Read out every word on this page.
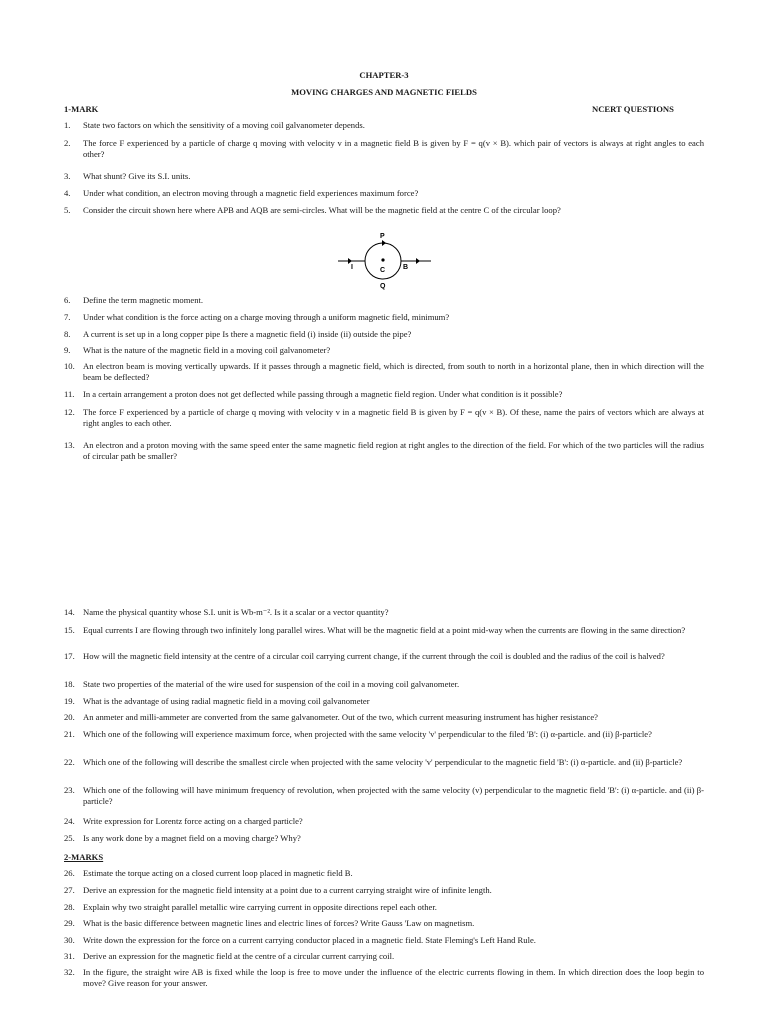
CHAPTER-3
MOVING CHARGES AND MAGNETIC FIELDS
1-MARK	NCERT QUESTIONS
1.	State two factors on which the sensitivity of a moving coil galvanometer depends.
2.	The force F experienced by a particle of charge q moving with velocity v in a magnetic field B is given by F = q(v × B). which pair of vectors is always at right angles to each other?
3.	What shunt? Give its S.I. units.
4.	Under what condition, an electron moving through a magnetic field experiences maximum force?
5.	Consider the circuit shown here where APB and AQB are semi-circles. What will be the magnetic field at the centre C of the circular loop?
6.	Define the term magnetic moment.
7.	Under what condition is the force acting on a charge moving through a uniform magnetic field, minimum?
8.	A current is set up in a long copper pipe Is there a magnetic field (i) inside (ii) outside the pipe?
9.	What is the nature of the magnetic field in a moving coil galvanometer?
10. An electron beam is moving vertically upwards. If it passes through a magnetic field, which is directed, from south to north in a horizontal plane, then in which direction will the beam be deflected?
11. In a certain arrangement a proton does not get deflected while passing through a magnetic field region. Under what condition is it possible?
12. The force F experienced by a particle of charge q moving with velocity v in a magnetic field B is given by F = q(v × B). Of these, name the pairs of vectors which are always at right angles to each other.
13. An electron and a proton moving with the same speed enter the same magnetic field region at right angles to the direction of the field. For which of the two particles will the radius of circular path be smaller?
14. Name the physical quantity whose S.I. unit is Wb-m⁻². Is it a scalar or a vector quantity?
15. Equal currents I are flowing through two infinitely long parallel wires. What will be the magnetic field at a point mid-way when the currents are flowing in the same direction?
17. How will the magnetic field intensity at the centre of a circular coil carrying current change, if the current through the coil is doubled and the radius of the coil is halved?
18. State two properties of the material of the wire used for suspension of the coil in a moving coil galvanometer.
19. What is the advantage of using radial magnetic field in a moving coil galvanometer
20. An anmeter and milli-ammeter are converted from the same galvanometer. Out of the two, which current measuring instrument has higher resistance?
21. Which one of the following will experience maximum force, when projected with the same velocity 'v' perpendicular to the filed 'B': (i) α-particle. and (ii) β-particle?
22. Which one of the following will describe the smallest circle when projected with the same velocity 'v' perpendicular to the magnetic field 'B': (i) α-particle. and (ii) β-particle?
23. Which one of the following will have minimum frequency of revolution, when projected with the same velocity (v) perpendicular to the magnetic field 'B': (i) α-particle. and (ii) β-particle?
24. Write expression for Lorentz force acting on a charged particle?
25. Is any work done by a magnet field on a moving charge? Why?
26. Estimate the torque acting on a closed current loop placed in magnetic field B.
27. Derive an expression for the magnetic field intensity at a point due to a current carrying straight wire of infinite length.
28. Explain why two straight parallel metallic wire carrying current in opposite directions repel each other.
29. What is the basic difference between magnetic lines and electric lines of forces? Write Gauss 'Law on magnetism.
30. Write down the expression for the force on a current carrying conductor placed in a magnetic field. State Fleming's Left Hand Rule.
31. Derive an expression for the magnetic field at the centre of a circular current carrying coil.
32. In the figure, the straight wire AB is fixed while the loop is free to move under the influence of the electric currents flowing in them. In which direction does the loop begin to move? Give reason for your answer.
2-MARKS
P
Q
C
I	B
